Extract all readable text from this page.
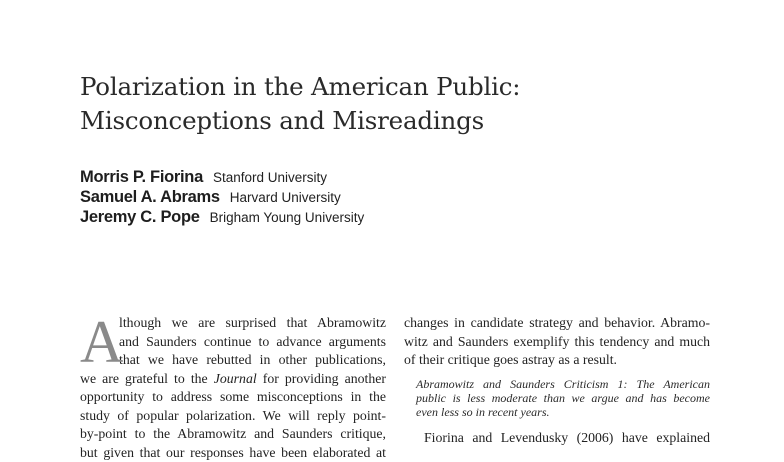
Polarization in the American Public:
Misconceptions and Misreadings
Morris P. Fiorina Stanford University
Samuel A. Abrams Harvard University
Jeremy C. Pope Brigham Young University
A
lthough we are surprised that Abramowitz
and Saunders continue to advance arguments
that we have rebutted in other publications,
we are grateful to the Journal for providing another
opportunity to address some misconceptions in the
study of popular polarization. We will reply point-
by-point to the Abramowitz and Saunders critique,
but given that our responses have been elaborated at
changes in candidate strategy and behavior. Abramo-
witz and Saunders exemplify this tendency and much
of their critique goes astray as a result.
Abramowitz and Saunders Criticism 1: The American
public is less moderate than we argue and has become
even less so in recent years.
Fiorina and Levendusky (2006) have explained
